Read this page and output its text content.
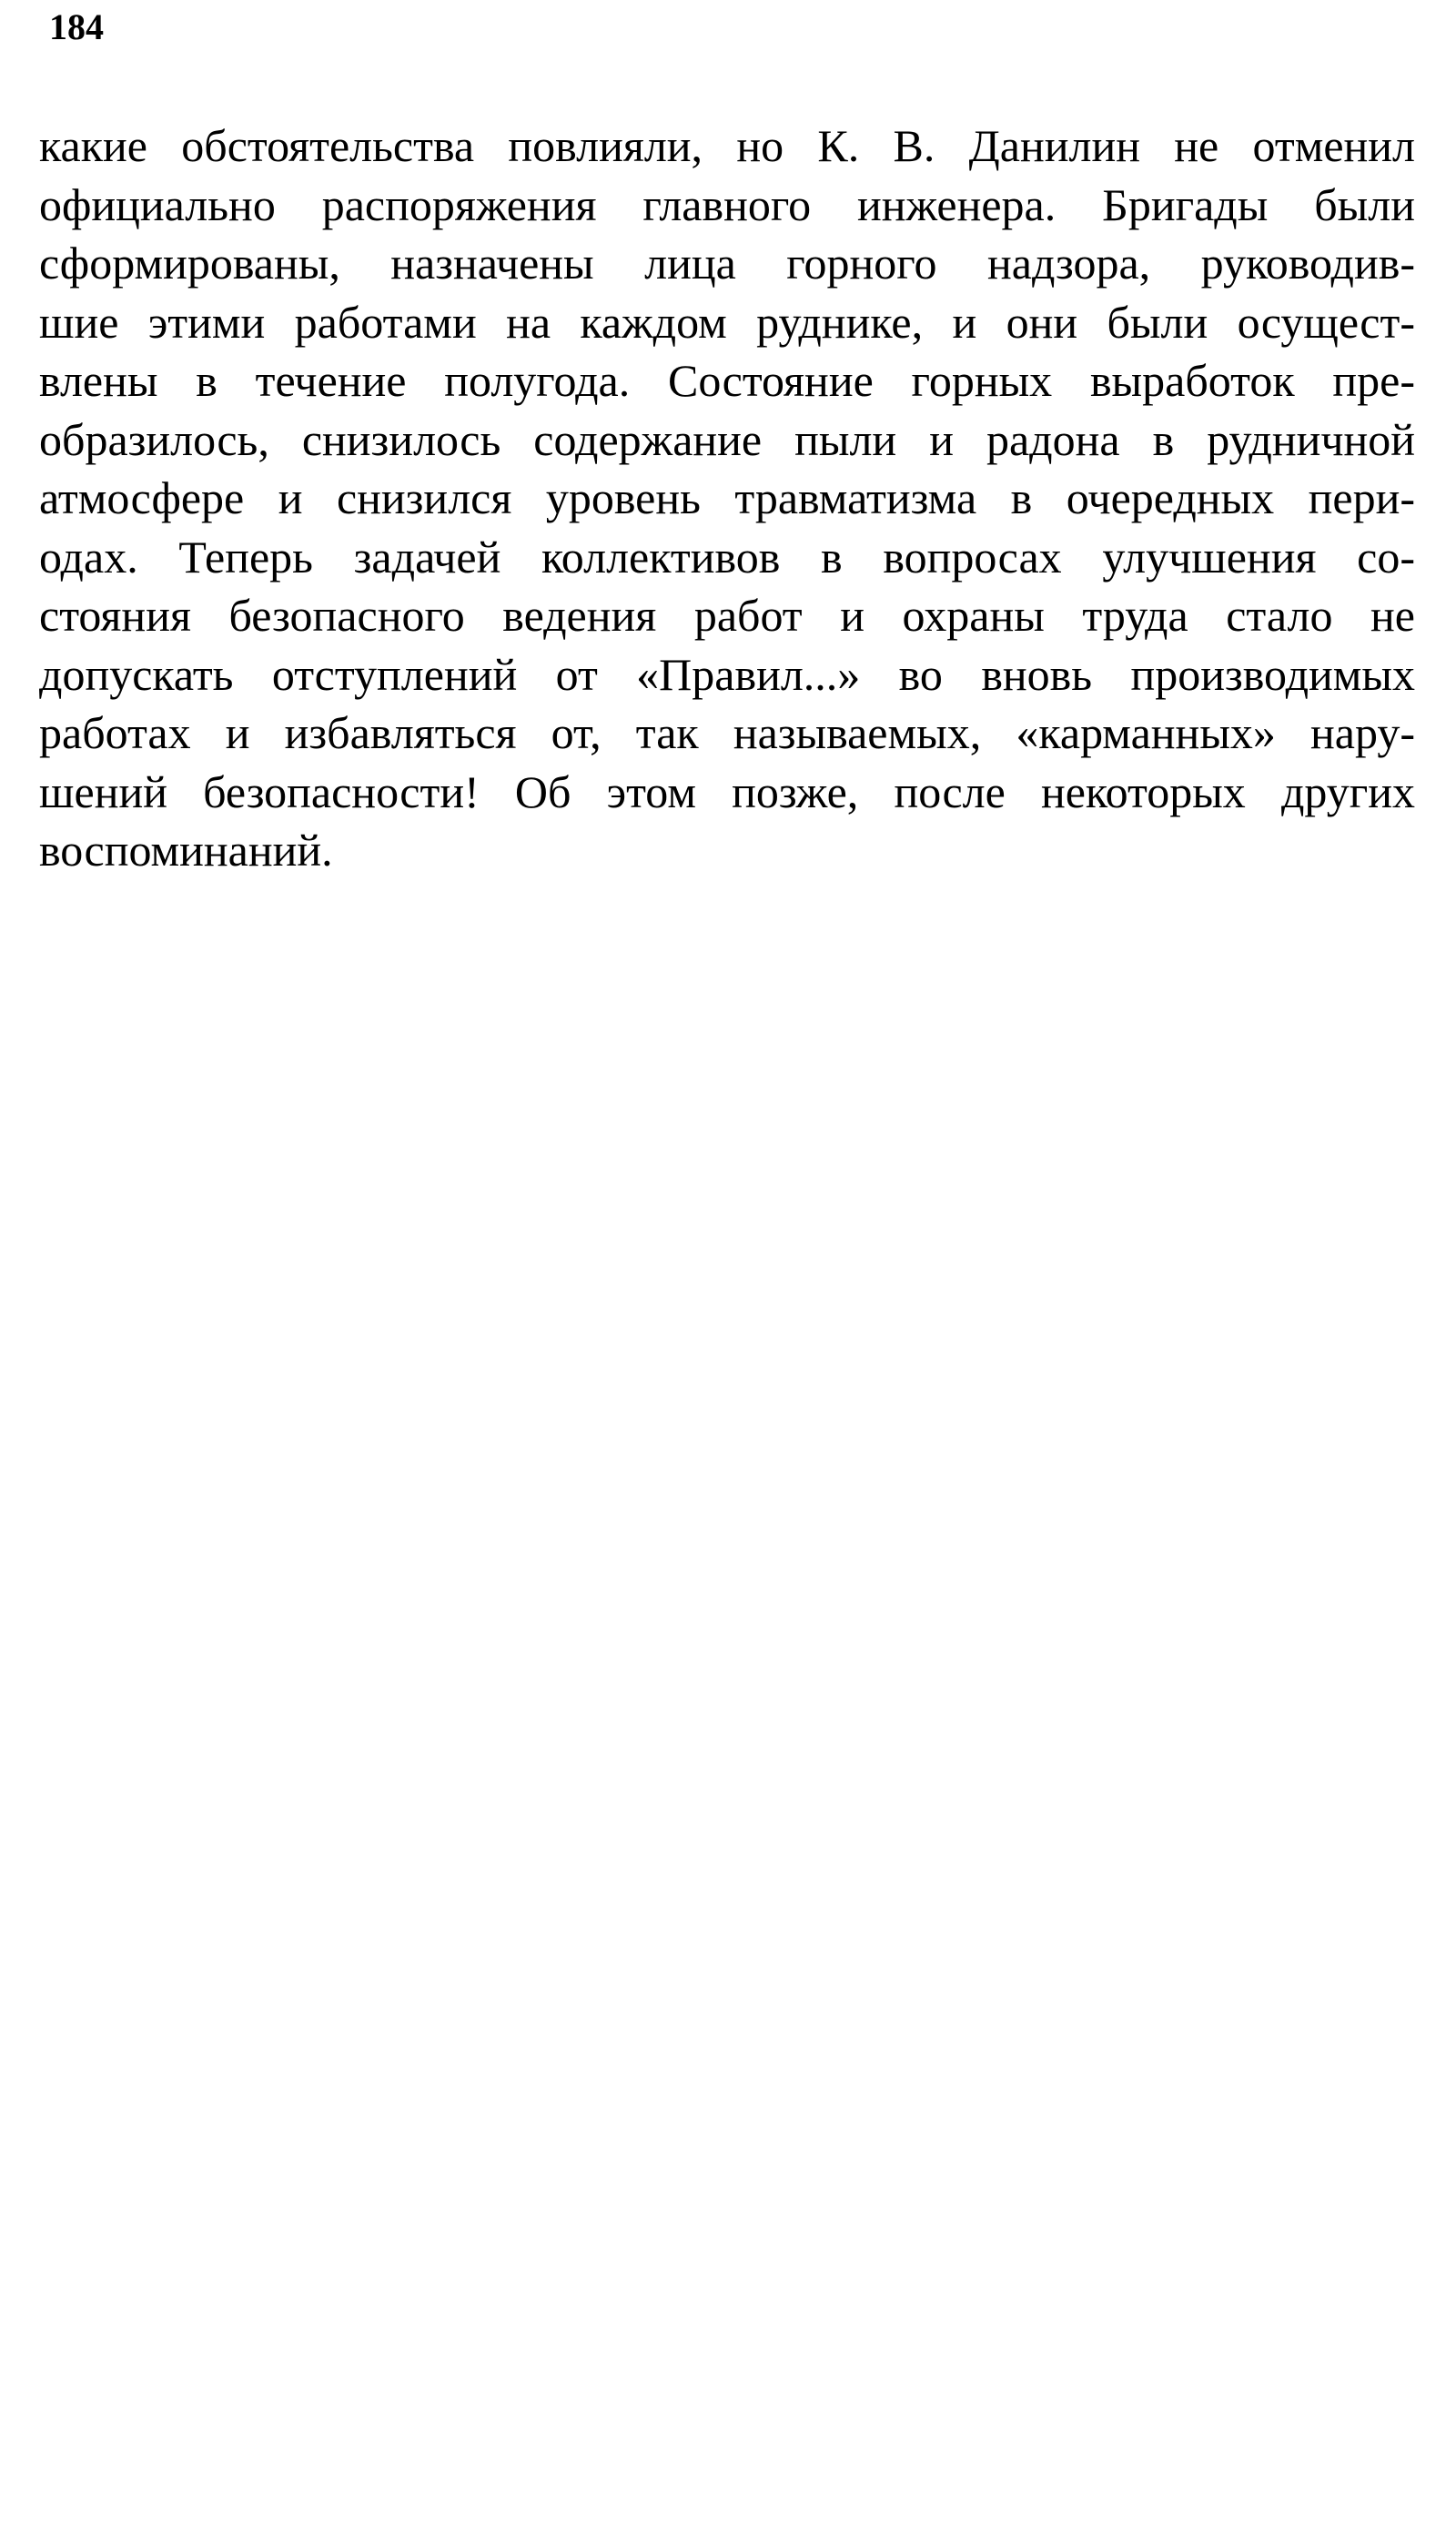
184
какие обстоятельства повлияли, но К. В. Данилин не отменил
официально распоряжения главного инженера. Бригады были
сформированы, назначены лица горного надзора, руководив-
шие этими работами на каждом руднике, и они были осущест-
влены в течение полугода. Состояние горных выработок пре-
образилось, снизилось содержание пыли и радона в рудничной
атмосфере и снизился уровень травматизма в очередных пери-
одах. Теперь задачей коллективов в вопросах улучшения со-
стояния безопасного ведения работ и охраны труда стало не
допускать отступлений от «Правил...» во вновь производимых
работах и избавляться от, так называемых, «карманных» нару-
шений безопасности! Об этом позже, после некоторых других
воспоминаний.
